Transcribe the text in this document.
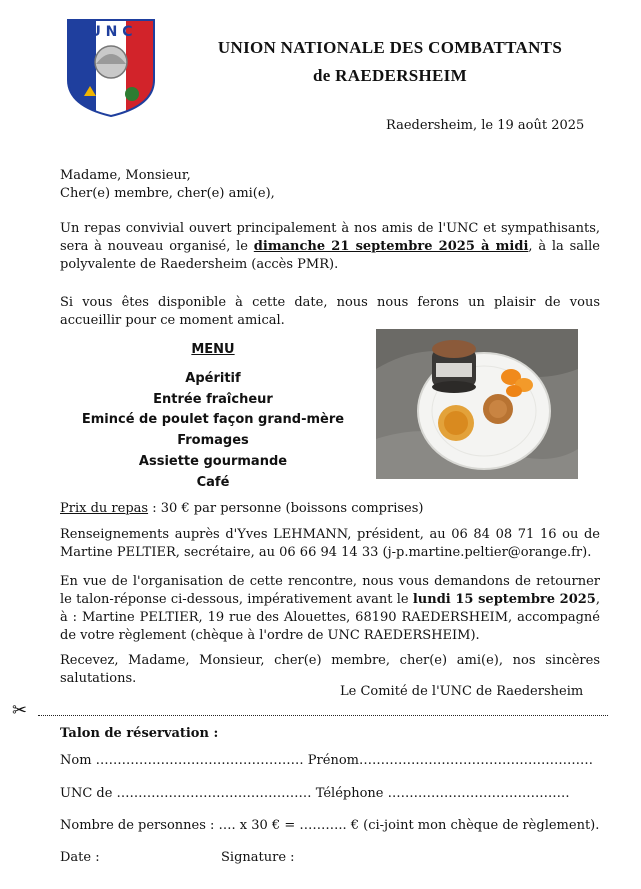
U N C
UNION NATIONALE DES COMBATTANTS
de RAEDERSHEIM
Raedersheim, le 19 août 2025
Madame, Monsieur,
Cher(e) membre, cher(e) ami(e),
Un repas convivial ouvert principalement à nos amis de l'UNC et sympathisants, sera à nouveau organisé, le dimanche 21 septembre 2025 à midi, à la salle polyvalente de Raedersheim (accès PMR).
Si vous êtes disponible à cette date, nous nous ferons un plaisir de vous accueillir pour ce moment amical.
MENU
Apéritif
Entrée fraîcheur
Emincé de poulet façon grand-mère
Fromages
Assiette gourmande
Café
Prix du repas : 30 € par personne (boissons comprises)
Renseignements auprès d'Yves LEHMANN, président, au 06 84 08 71 16 ou de Martine PELTIER, secrétaire, au 06 66 94 14 33 (j-p.martine.peltier@orange.fr).
En vue de l'organisation de cette rencontre, nous vous demandons de retourner le talon-réponse ci-dessous, impérativement avant le lundi 15 septembre 2025, à : Martine PELTIER, 19 rue des Alouettes, 68190 RAEDERSHEIM, accompagné de votre règlement (chèque à l'ordre de UNC RAEDERSHEIM).
Recevez, Madame, Monsieur, cher(e) membre, cher(e) ami(e), nos sincères salutations.
Le Comité de l'UNC de Raedersheim
✂
Talon de réservation :
Nom ………………………………………… Prénom………………………………………………
UNC de ……………………………………… Téléphone ……………………………………
Nombre de personnes : …. x 30 € = ……….. € (ci-joint mon chèque de règlement).
Date :	Signature :
